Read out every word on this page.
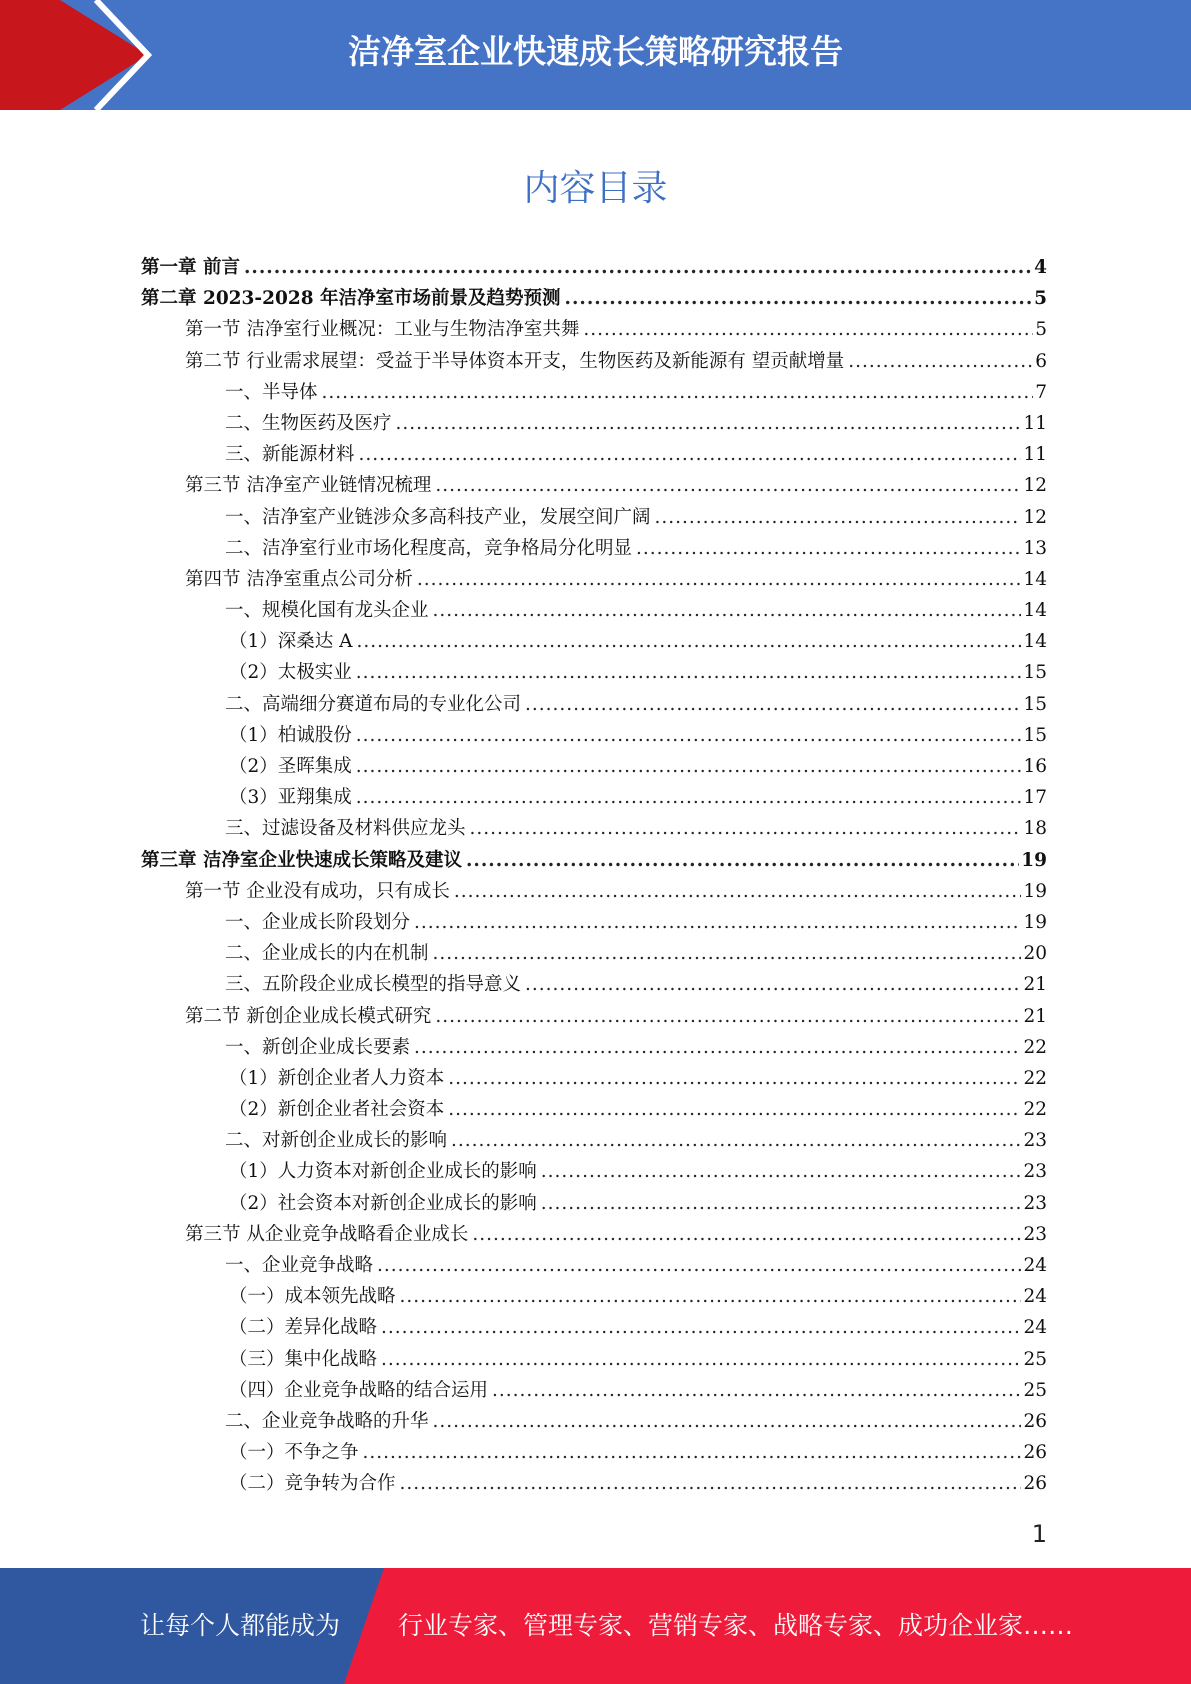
洁净室企业快速成长策略研究报告
内容目录
第一章 前言 .....	4
第二章 2023-2028 年洁净室市场前景及趋势预测 .....	5
第一节 洁净室行业概况：工业与生物洁净室共舞 .....	5
第二节 行业需求展望：受益于半导体资本开支，生物医药及新能源有 望贡献增量 .....	6
一、半导体 .....	7
二、生物医药及医疗 .....	11
三、新能源材料 .....	11
第三节 洁净室产业链情况梳理 .....	12
一、洁净室产业链涉众多高科技产业，发展空间广阔 .....	12
二、洁净室行业市场化程度高，竞争格局分化明显 .....	13
第四节 洁净室重点公司分析 .....	14
一、规模化国有龙头企业 .....	14
（1）深桑达 A .....	14
（2）太极实业 .....	15
二、高端细分赛道布局的专业化公司 .....	15
（1）柏诚股份 .....	15
（2）圣晖集成 .....	16
（3）亚翔集成 .....	17
三、过滤设备及材料供应龙头 .....	18
第三章 洁净室企业快速成长策略及建议 .....	19
第一节 企业没有成功，只有成长 .....	19
一、企业成长阶段划分 .....	19
二、企业成长的内在机制 .....	20
三、五阶段企业成长模型的指导意义 .....	21
第二节 新创企业成长模式研究 .....	21
一、新创企业成长要素 .....	22
（1）新创企业者人力资本 .....	22
（2）新创企业者社会资本 .....	22
二、对新创企业成长的影响 .....	23
（1）人力资本对新创企业成长的影响 .....	23
（2）社会资本对新创企业成长的影响 .....	23
第三节 从企业竞争战略看企业成长 .....	23
一、企业竞争战略 .....	24
（一）成本领先战略 .....	24
（二）差异化战略 .....	24
（三）集中化战略 .....	25
（四）企业竞争战略的结合运用 .....	25
二、企业竞争战略的升华 .....	26
（一）不争之争 .....	26
（二）竞争转为合作 .....	26
1
让每个人都能成为 行业专家、管理专家、营销专家、战略专家、成功企业家……
